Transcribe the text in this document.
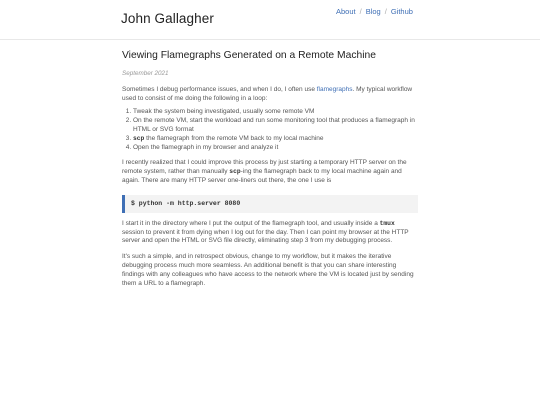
John Gallagher	About / Blog / Github
Viewing Flamegraphs Generated on a Remote Machine
September 2021

Sometimes I debug performance issues, and when I do, I often use flamegraphs. My typical workflow used to consist of me doing the following in a loop:

1. Tweak the system being investigated, usually some remote VM
2. On the remote VM, start the workload and run some monitoring tool that produces a flamegraph in HTML or SVG format
3. scp the flamegraph from the remote VM back to my local machine
4. Open the flamegraph in my browser and analyze it

I recently realized that I could improve this process by just starting a temporary HTTP server on the remote system, rather than manually scp-ing the flamegraph back to my local machine again and again. There are many HTTP server one-liners out there, the one I use is

$ python -m http.server 8080

I start it in the directory where I put the output of the flamegraph tool, and usually inside a tmux session to prevent it from dying when I log out for the day. Then I can point my browser at the HTTP server and open the HTML or SVG file directly, eliminating step 3 from my debugging process.

It's such a simple, and in retrospect obvious, change to my workflow, but it makes the iterative debugging process much more seamless. An additional benefit is that you can share interesting findings with any colleagues who have access to the network where the VM is located just by sending them a URL to a flamegraph.
